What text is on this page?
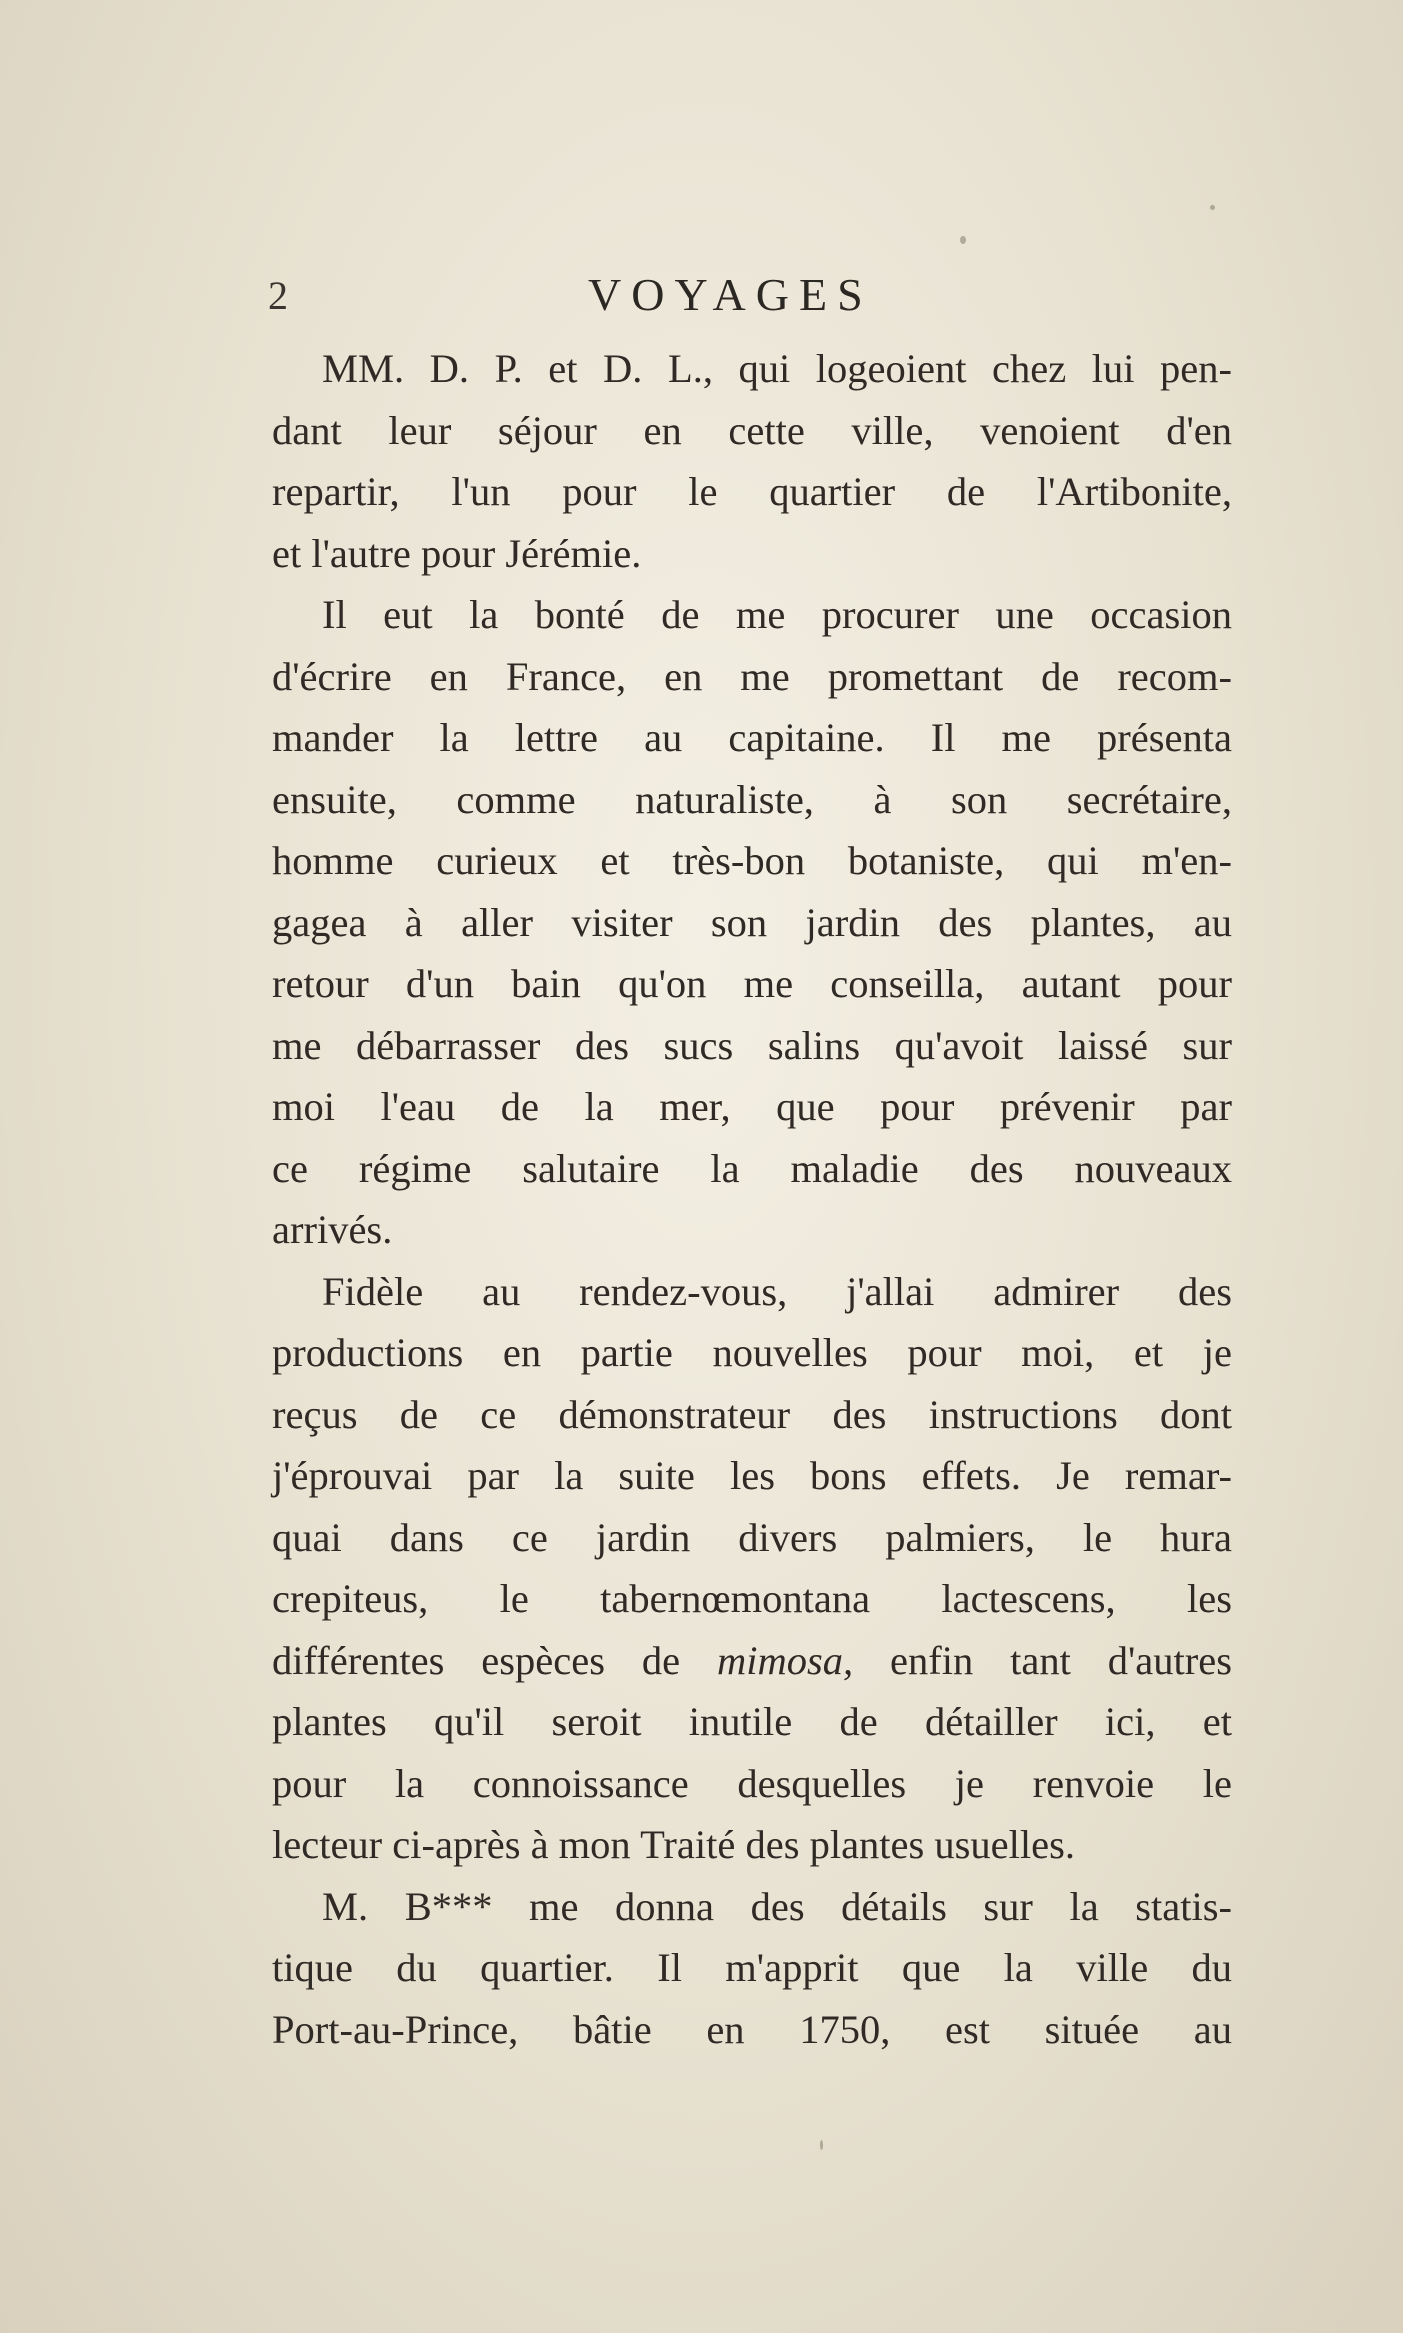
2	VOYAGES
MM. D. P. et D. L., qui logeoient chez lui pen-
dant leur séjour en cette ville, venoient d'en
repartir, l'un pour le quartier de l'Artibonite,
et l'autre pour Jérémie.
Il eut la bonté de me procurer une occasion
d'écrire en France, en me promettant de recom-
mander la lettre au capitaine. Il me présenta
ensuite, comme naturaliste, à son secrétaire,
homme curieux et très-bon botaniste, qui m'en-
gagea à aller visiter son jardin des plantes, au
retour d'un bain qu'on me conseilla, autant pour
me débarrasser des sucs salins qu'avoit laissé sur
moi l'eau de la mer, que pour prévenir par
ce régime salutaire la maladie des nouveaux
arrivés.
Fidèle au rendez-vous, j'allai admirer des
productions en partie nouvelles pour moi, et je
reçus de ce démonstrateur des instructions dont
j'éprouvai par la suite les bons effets. Je remar-
quai dans ce jardin divers palmiers, le hura
crepiteus, le tabernœmontana lactescens, les
différentes espèces de mimosa, enfin tant d'autres
plantes qu'il seroit inutile de détailler ici, et
pour la connoissance desquelles je renvoie le
lecteur ci-après à mon Traité des plantes usuelles.
M. B*** me donna des détails sur la statis-
tique du quartier. Il m'apprit que la ville du
Port-au-Prince, bâtie en 1750, est située au
